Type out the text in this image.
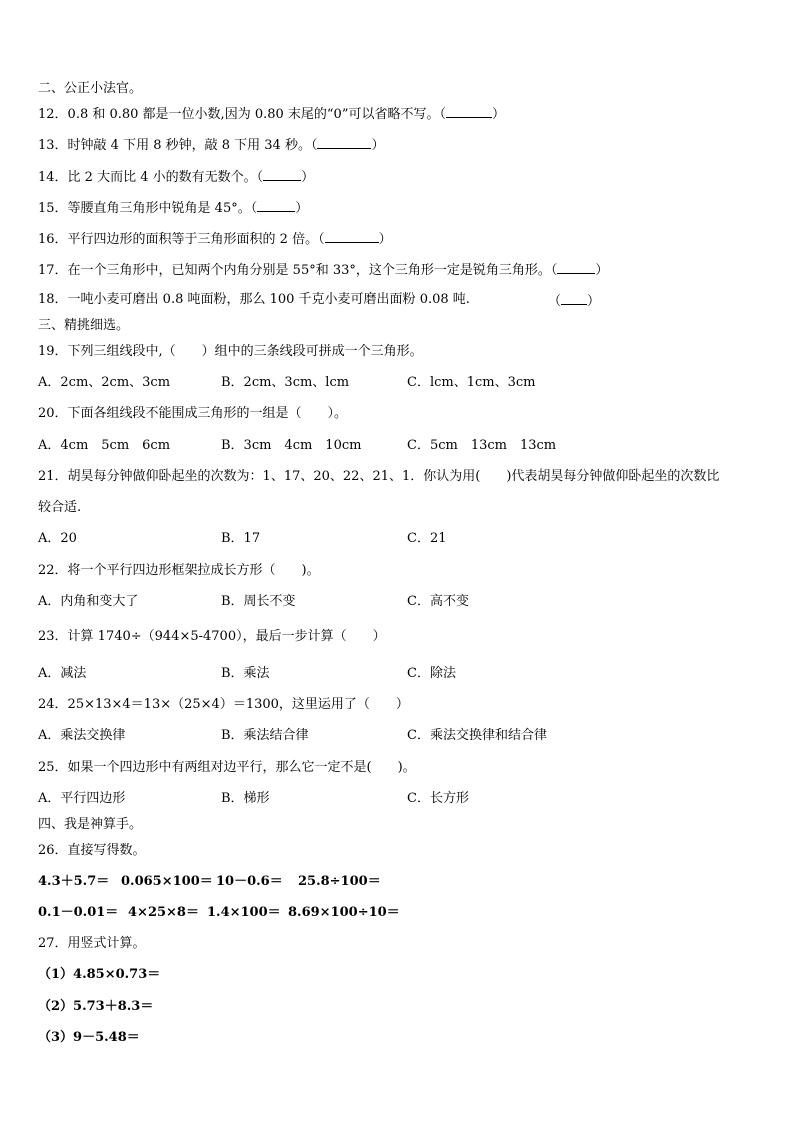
二、公正小法官。
12．0.8 和 0.80 都是一位小数,因为 0.80 末尾的“0”可以省略不写。（	）
13．时钟敲 4 下用 8 秒钟，敲 8 下用 34 秒。（	）
14．比 2 大而比 4 小的数有无数个。（	）
15．等腰直角三角形中锐角是 45°。（	）
16．平行四边形的面积等于三角形面积的 2 倍。（	）
17．在一个三角形中，已知两个内角分别是 55°和 33°，这个三角形一定是锐角三角形。（	）
18．一吨小麦可磨出 0.8 吨面粉，那么 100 千克小麦可磨出面粉 0.08 吨.	（ ）
三、精挑细选。
19．下列三组线段中,（　　）组中的三条线段可拼成一个三角形。
A．2cm、2cm、3cm	B．2cm、3cm、lcm	C．lcm、1cm、3cm
20．下面各组线段不能围成三角形的一组是（　　）。
A．4cm　5cm　6cm	B．3cm　4cm　10cm	C．5cm　13cm　13cm
21．胡昊每分钟做仰卧起坐的次数为：1、17、20、22、21、1．你认为用(　　)代表胡昊每分钟做仰卧起坐的次数比
较合适.
A．20	B．17	C．21
22．将一个平行四边形框架拉成长方形（　　)。
A．内角和变大了	B．周长不变	C．高不变
23．计算 1740÷（944×5-4700），最后一步计算（　　）
A．减法	B．乘法	C．除法
24．25×13×4＝13×（25×4）＝1300，这里运用了（　　）
A．乘法交换律	B．乘法结合律	C．乘法交换律和结合律
25．如果一个四边形中有两组对边平行，那么它一定不是(　　)。
A．平行四边形	B．梯形	C．长方形
四、我是神算手。
26．直接写得数。
4.3＋5.7＝ 0.065×100＝ 10－0.6＝ 25.8÷100＝
0.1－0.01＝ 4×25×8＝ 1.4×100＝ 8.69×100÷10＝
27．用竖式计算。
（1）4.85×0.73＝
（2）5.73＋8.3＝
（3）9－5.48＝
